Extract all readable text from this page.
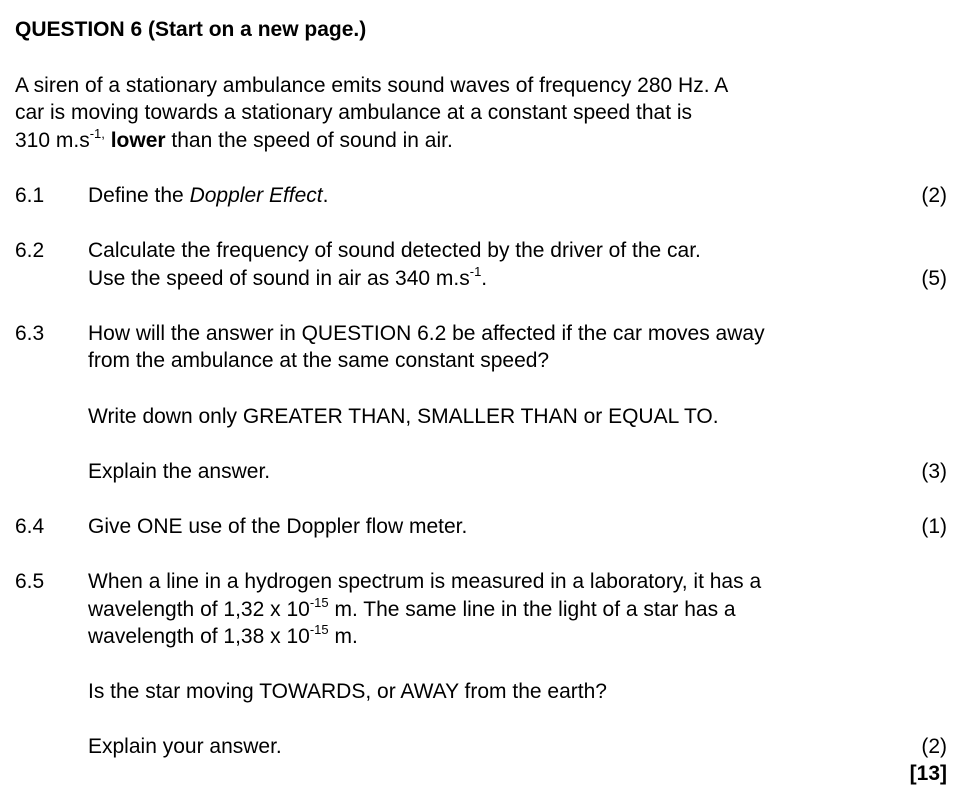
QUESTION 6 (Start on a new page.)
A siren of a stationary ambulance emits sound waves of frequency 280 Hz. A
car is moving towards a stationary ambulance at a constant speed that is
310 $m.s^{-1,}$ lower than the speed of sound in air.
6.1 Define the Doppler Effect.	(2)
6.2 Calculate the frequency of sound detected by the driver of the car.
Use the speed of sound in air as 340 $m.s^{-1}$.	(5)
6.3 How will the answer in QUESTION 6.2 be affected if the car moves away
from the ambulance at the same constant speed?
Write down only GREATER THAN, SMALLER THAN or EQUAL TO.
Explain the answer.	(3)
6.4 Give ONE use of the Doppler flow meter.	(1)
6.5 When a line in a hydrogen spectrum is measured in a laboratory, it has a
wavelength of 1,32 x $10^{-15}$ m. The same line in the light of a star has a
wavelength of 1,38 x $10^{-15}$ m.
Is the star moving TOWARDS, or AWAY from the earth?
Explain your answer.	(2)
[13]
